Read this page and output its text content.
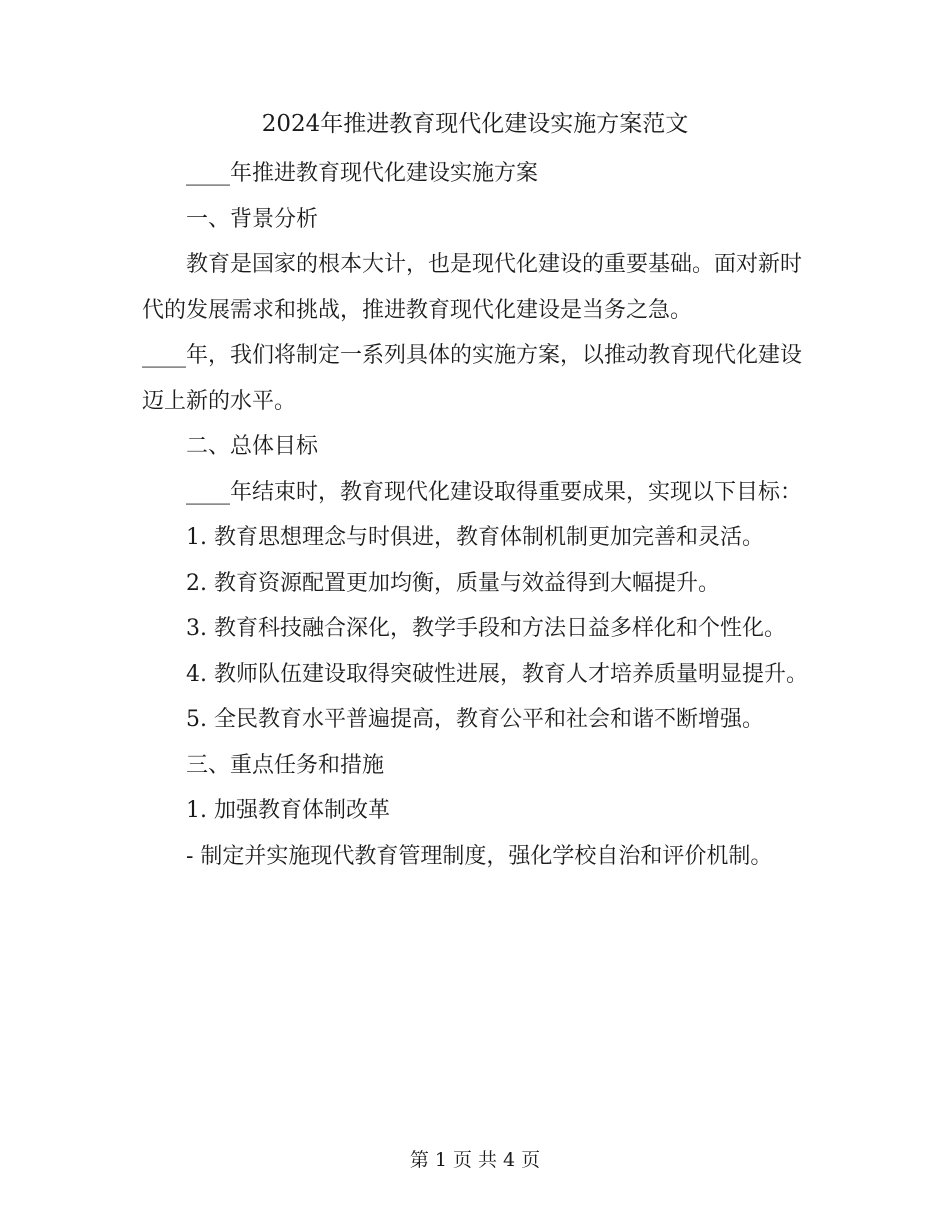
2024年推进教育现代化建设实施方案范文

____年推进教育现代化建设实施方案

一、背景分析

教育是国家的根本大计，也是现代化建设的重要基础。面对新时代的发展需求和挑战，推进教育现代化建设是当务之急。

____年，我们将制定一系列具体的实施方案，以推动教育现代化建设迈上新的水平。

二、总体目标

____年结束时，教育现代化建设取得重要成果，实现以下目标：

1. 教育思想理念与时俱进，教育体制机制更加完善和灵活。

2. 教育资源配置更加均衡，质量与效益得到大幅提升。

3. 教育科技融合深化，教学手段和方法日益多样化和个性化。

4. 教师队伍建设取得突破性进展，教育人才培养质量明显提升。

5. 全民教育水平普遍提高，教育公平和社会和谐不断增强。

三、重点任务和措施

1. 加强教育体制改革

- 制定并实施现代教育管理制度，强化学校自治和评价机制。

第 1 页 共 4 页
